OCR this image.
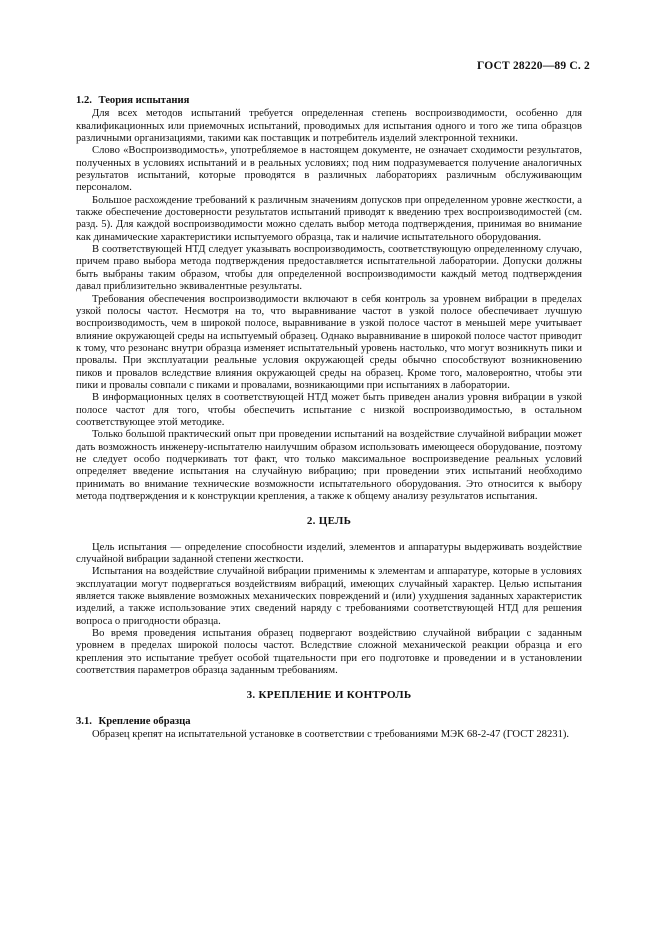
ГОСТ 28220—89 С. 2
1.2. Теория испытания

Для всех методов испытаний требуется определенная степень воспроизводимости, особенно для квалификационных или приемочных испытаний, проводимых для испытания одного и того же типа образцов различными организациями, такими как поставщик и потребитель изделий электронной техники.

Слово «Воспроизводимость», употребляемое в настоящем документе, не означает сходимости результатов, полученных в условиях испытаний и в реальных условиях; под ним подразумевается получение аналогичных результатов испытаний, которые проводятся в различных лабораториях различным обслуживающим персоналом.

Большое расхождение требований к различным значениям допусков при определенном уровне жесткости, а также обеспечение достоверности результатов испытаний приводят к введению трех воспроизводимостей (см. разд. 5). Для каждой воспроизводимости можно сделать выбор метода подтверждения, принимая во внимание как динамические характеристики испытуемого образца, так и наличие испытательного оборудования.

В соответствующей НТД следует указывать воспроизводимость, соответствующую определенному случаю, причем право выбора метода подтверждения предоставляется испытательной лаборатории. Допуски должны быть выбраны таким образом, чтобы для определенной воспроизводимости каждый метод подтверждения давал приблизительно эквивалентные результаты.

Требования обеспечения воспроизводимости включают в себя контроль за уровнем вибрации в пределах узкой полосы частот. Несмотря на то, что выравнивание частот в узкой полосе обеспечивает лучшую воспроизводимость, чем в широкой полосе, выравнивание в узкой полосе частот в меньшей мере учитывает влияние окружающей среды на испытуемый образец. Однако выравнивание в широкой полосе частот приводит к тому, что резонанс внутри образца изменяет испытательный уровень настолько, что могут возникнуть пики и провалы. При эксплуатации реальные условия окружающей среды обычно способствуют возникновению пиков и провалов вследствие влияния окружающей среды на образец. Кроме того, маловероятно, чтобы эти пики и провалы совпали с пиками и провалами, возникающими при испытаниях в лаборатории.

В информационных целях в соответствующей НТД может быть приведен анализ уровня вибрации в узкой полосе частот для того, чтобы обеспечить испытание с низкой воспроизводимостью, в остальном соответствующее этой методике.

Только большой практический опыт при проведении испытаний на воздействие случайной вибрации может дать возможность инженеру-испытателю наилучшим образом использовать имеющееся оборудование, поэтому не следует особо подчеркивать тот факт, что только максимальное воспроизведение реальных условий определяет введение испытания на случайную вибрацию; при проведении этих испытаний необходимо принимать во внимание технические возможности испытательного оборудования. Это относится к выбору метода подтверждения и к конструкции крепления, а также к общему анализу результатов испытания.

2. ЦЕЛЬ

Цель испытания — определение способности изделий, элементов и аппаратуры выдерживать воздействие случайной вибрации заданной степени жесткости.

Испытания на воздействие случайной вибрации применимы к элементам и аппаратуре, которые в условиях эксплуатации могут подвергаться воздействиям вибраций, имеющих случайный характер. Целью испытания является также выявление возможных механических повреждений и (или) ухудшения заданных характеристик изделий, а также использование этих сведений наряду с требованиями соответствующей НТД для решения вопроса о пригодности образца.

Во время проведения испытания образец подвергают воздействию случайной вибрации с заданным уровнем в пределах широкой полосы частот. Вследствие сложной механической реакции образца и его крепления это испытание требует особой тщательности при его подготовке и проведении и в установлении соответствия параметров образца заданным требованиям.

3. КРЕПЛЕНИЕ И КОНТРОЛЬ
3.1. Крепление образца

Образец крепят на испытательной установке в соответствии с требованиями МЭК 68-2-47 (ГОСТ 28231).
